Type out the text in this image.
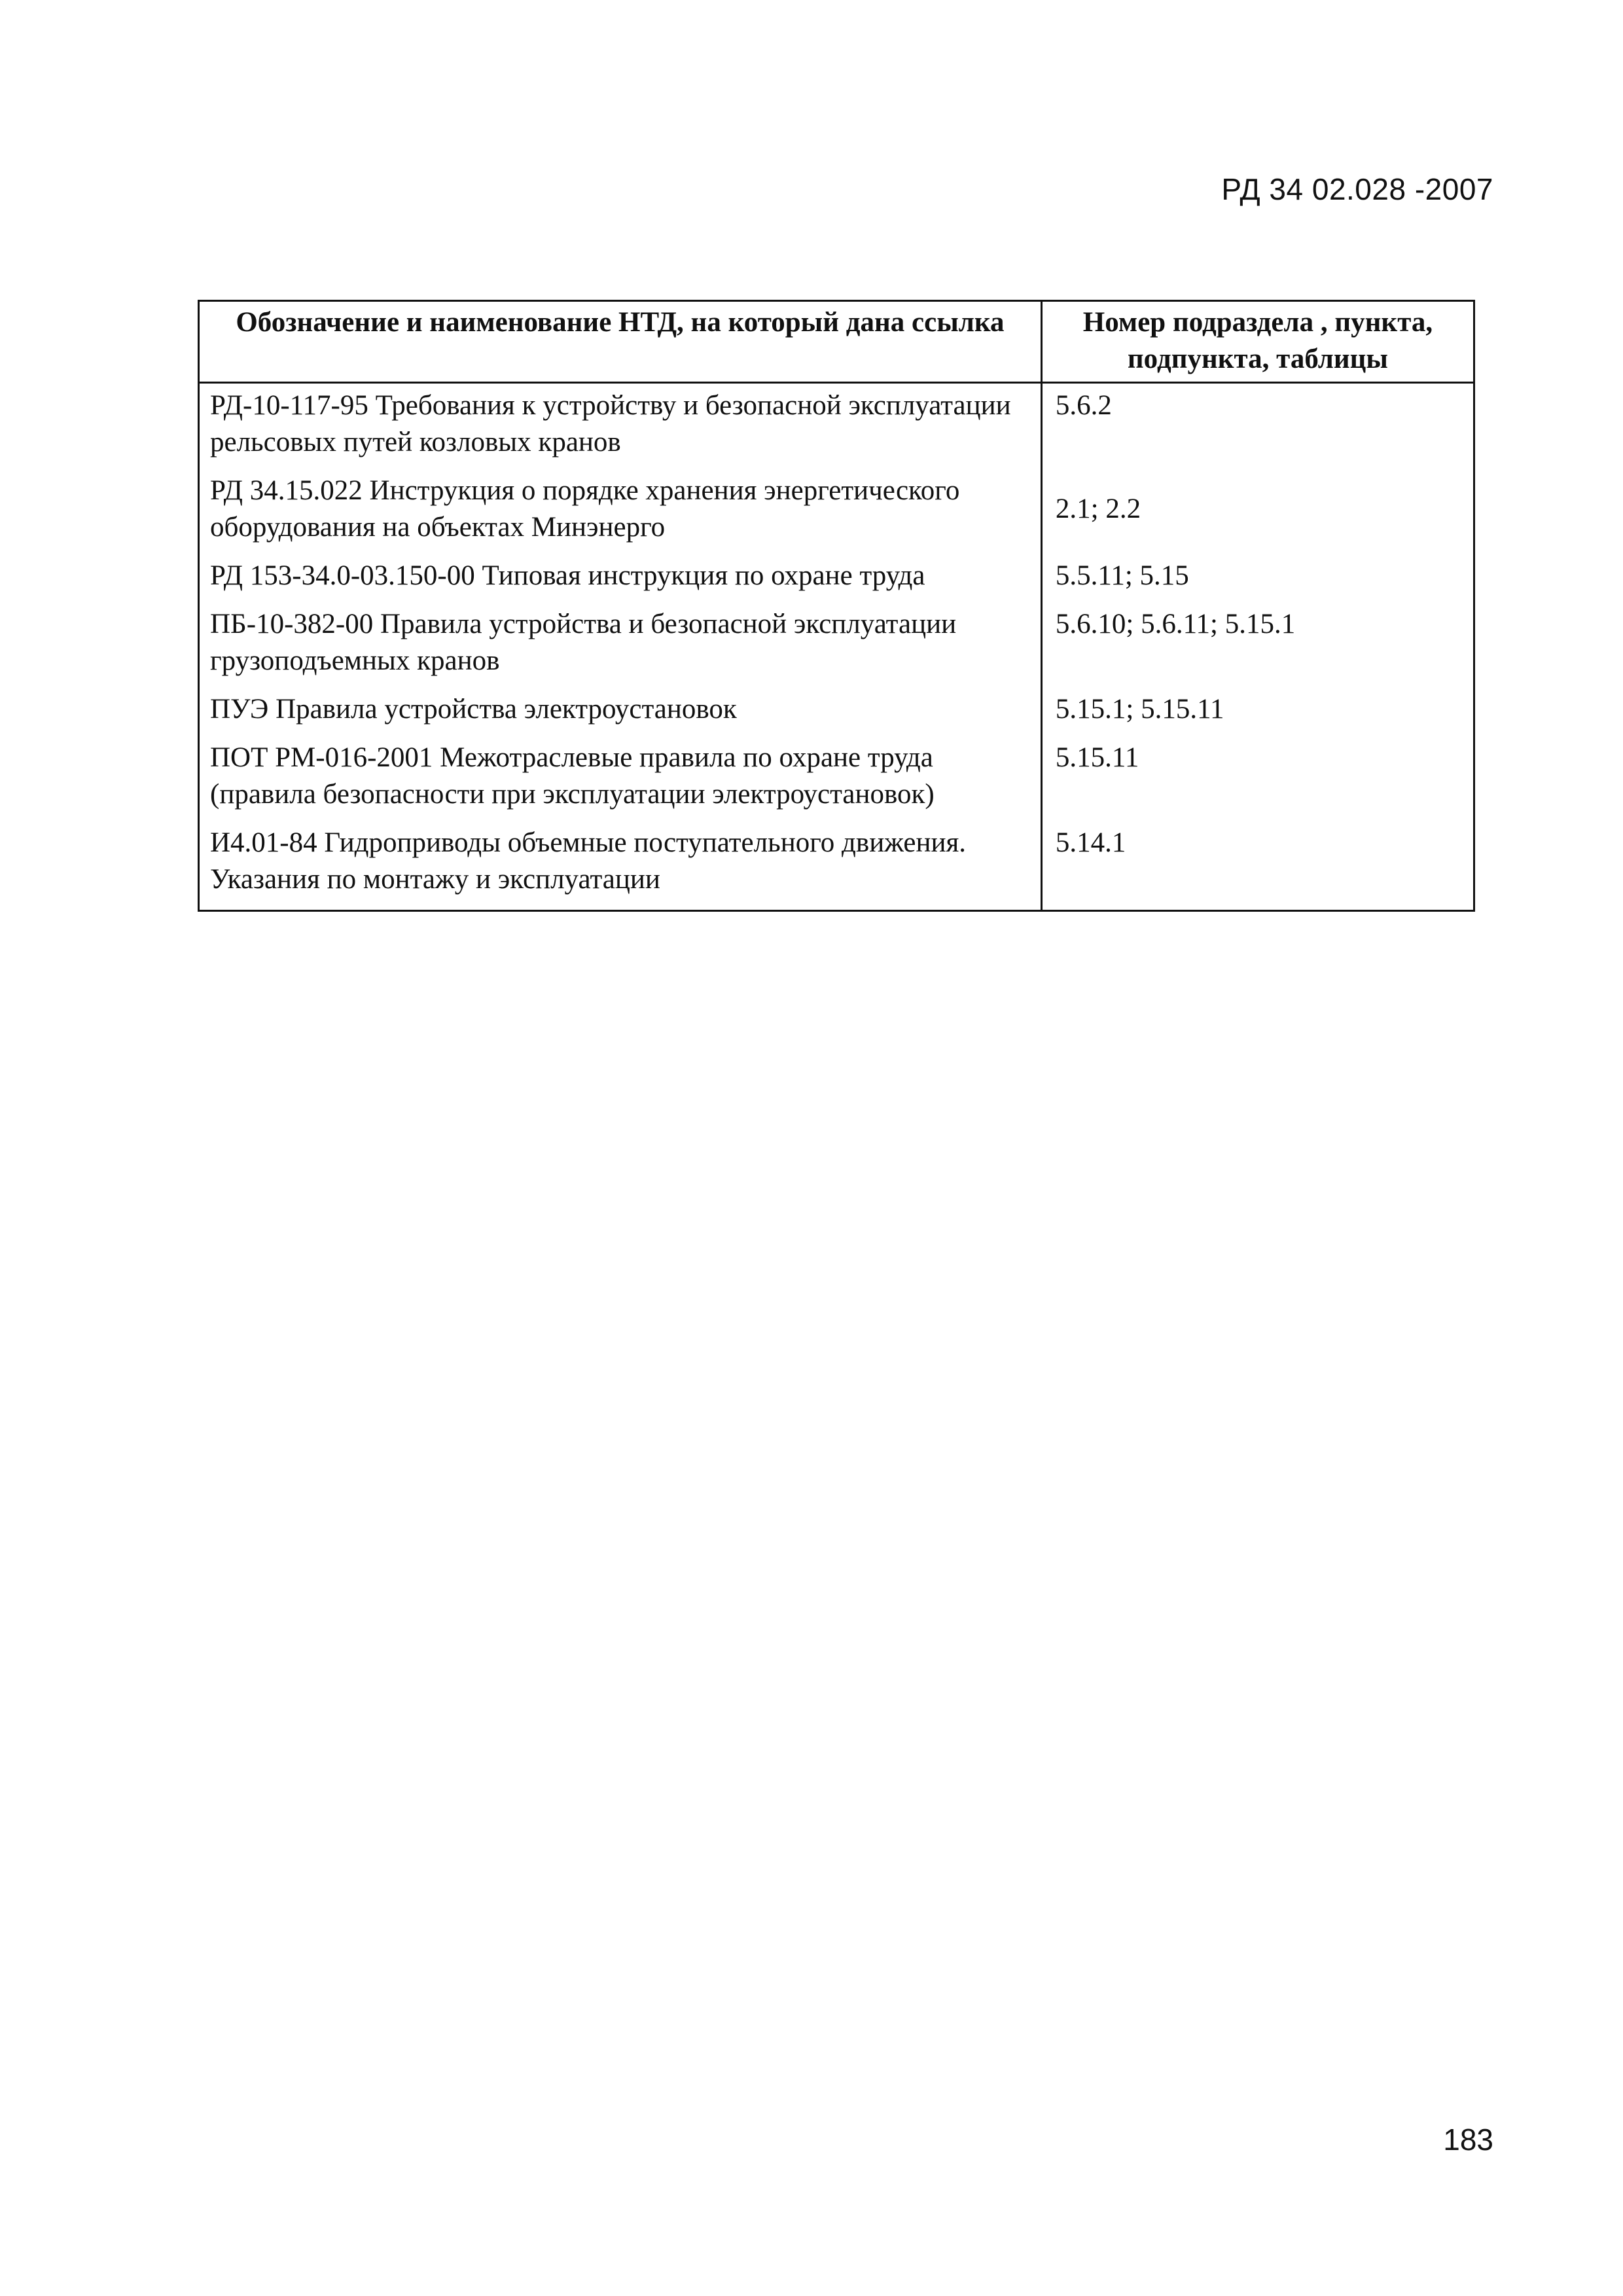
РД 34 02.028 -2007
Обозначение и наименование НТД, на который дана ссылка	Номер подраздела , пункта, подпункта, таблицы
РД-10-117-95 Требования к устройству и безопасной эксплуатации рельсовых путей козловых кранов	5.6.2
РД 34.15.022 Инструкция о порядке хранения энергетического оборудования на объектах Минэнерго	2.1; 2.2
РД 153-34.0-03.150-00 Типовая инструкция по охране труда	5.5.11; 5.15
ПБ-10-382-00 Правила устройства и безопасной эксплуатации грузоподъемных кранов	5.6.10; 5.6.11; 5.15.1
ПУЭ Правила устройства электроустановок	5.15.1; 5.15.11
ПОТ РМ-016-2001 Межотраслевые правила по охране труда (правила безопасности при эксплуатации электроустановок)	5.15.11
И4.01-84 Гидроприводы объемные поступательного движения. Указания по монтажу и эксплуатации	5.14.1
183
